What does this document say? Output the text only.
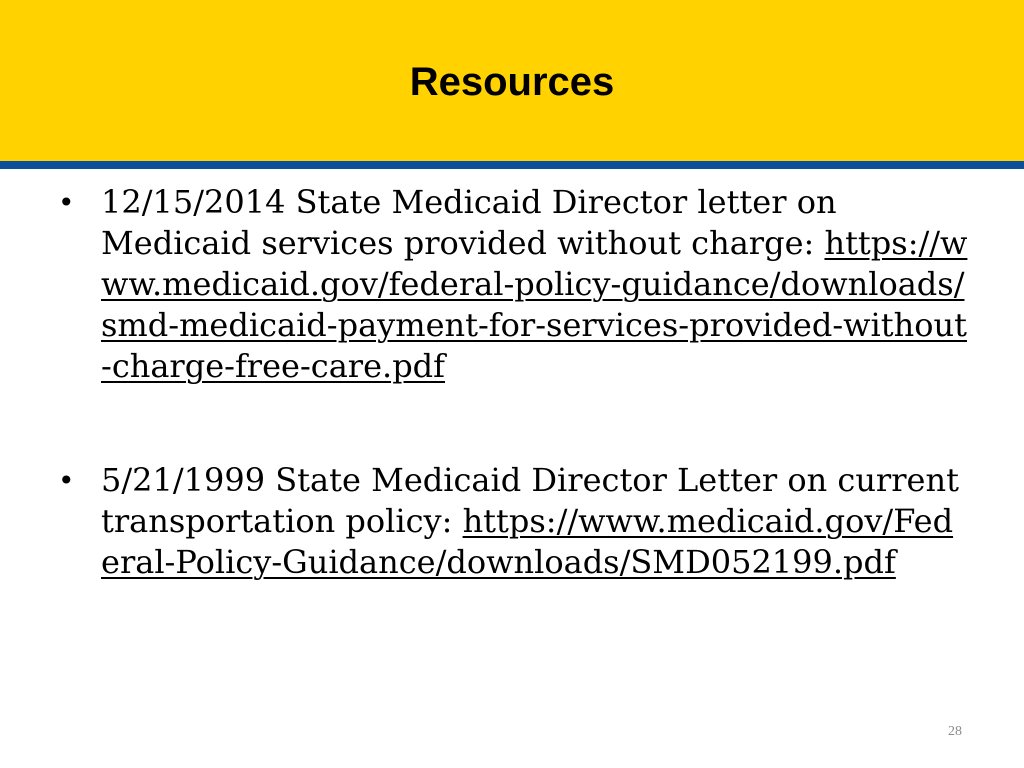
Resources
• 12/15/2014 State Medicaid Director letter on Medicaid services provided without charge: https://www.medicaid.gov/federal-policy-guidance/downloads/smd-medicaid-payment-for-services-provided-without-charge-free-care.pdf
• 5/21/1999 State Medicaid Director Letter on current transportation policy: https://www.medicaid.gov/Federal-Policy-Guidance/downloads/SMD052199.pdf
28
